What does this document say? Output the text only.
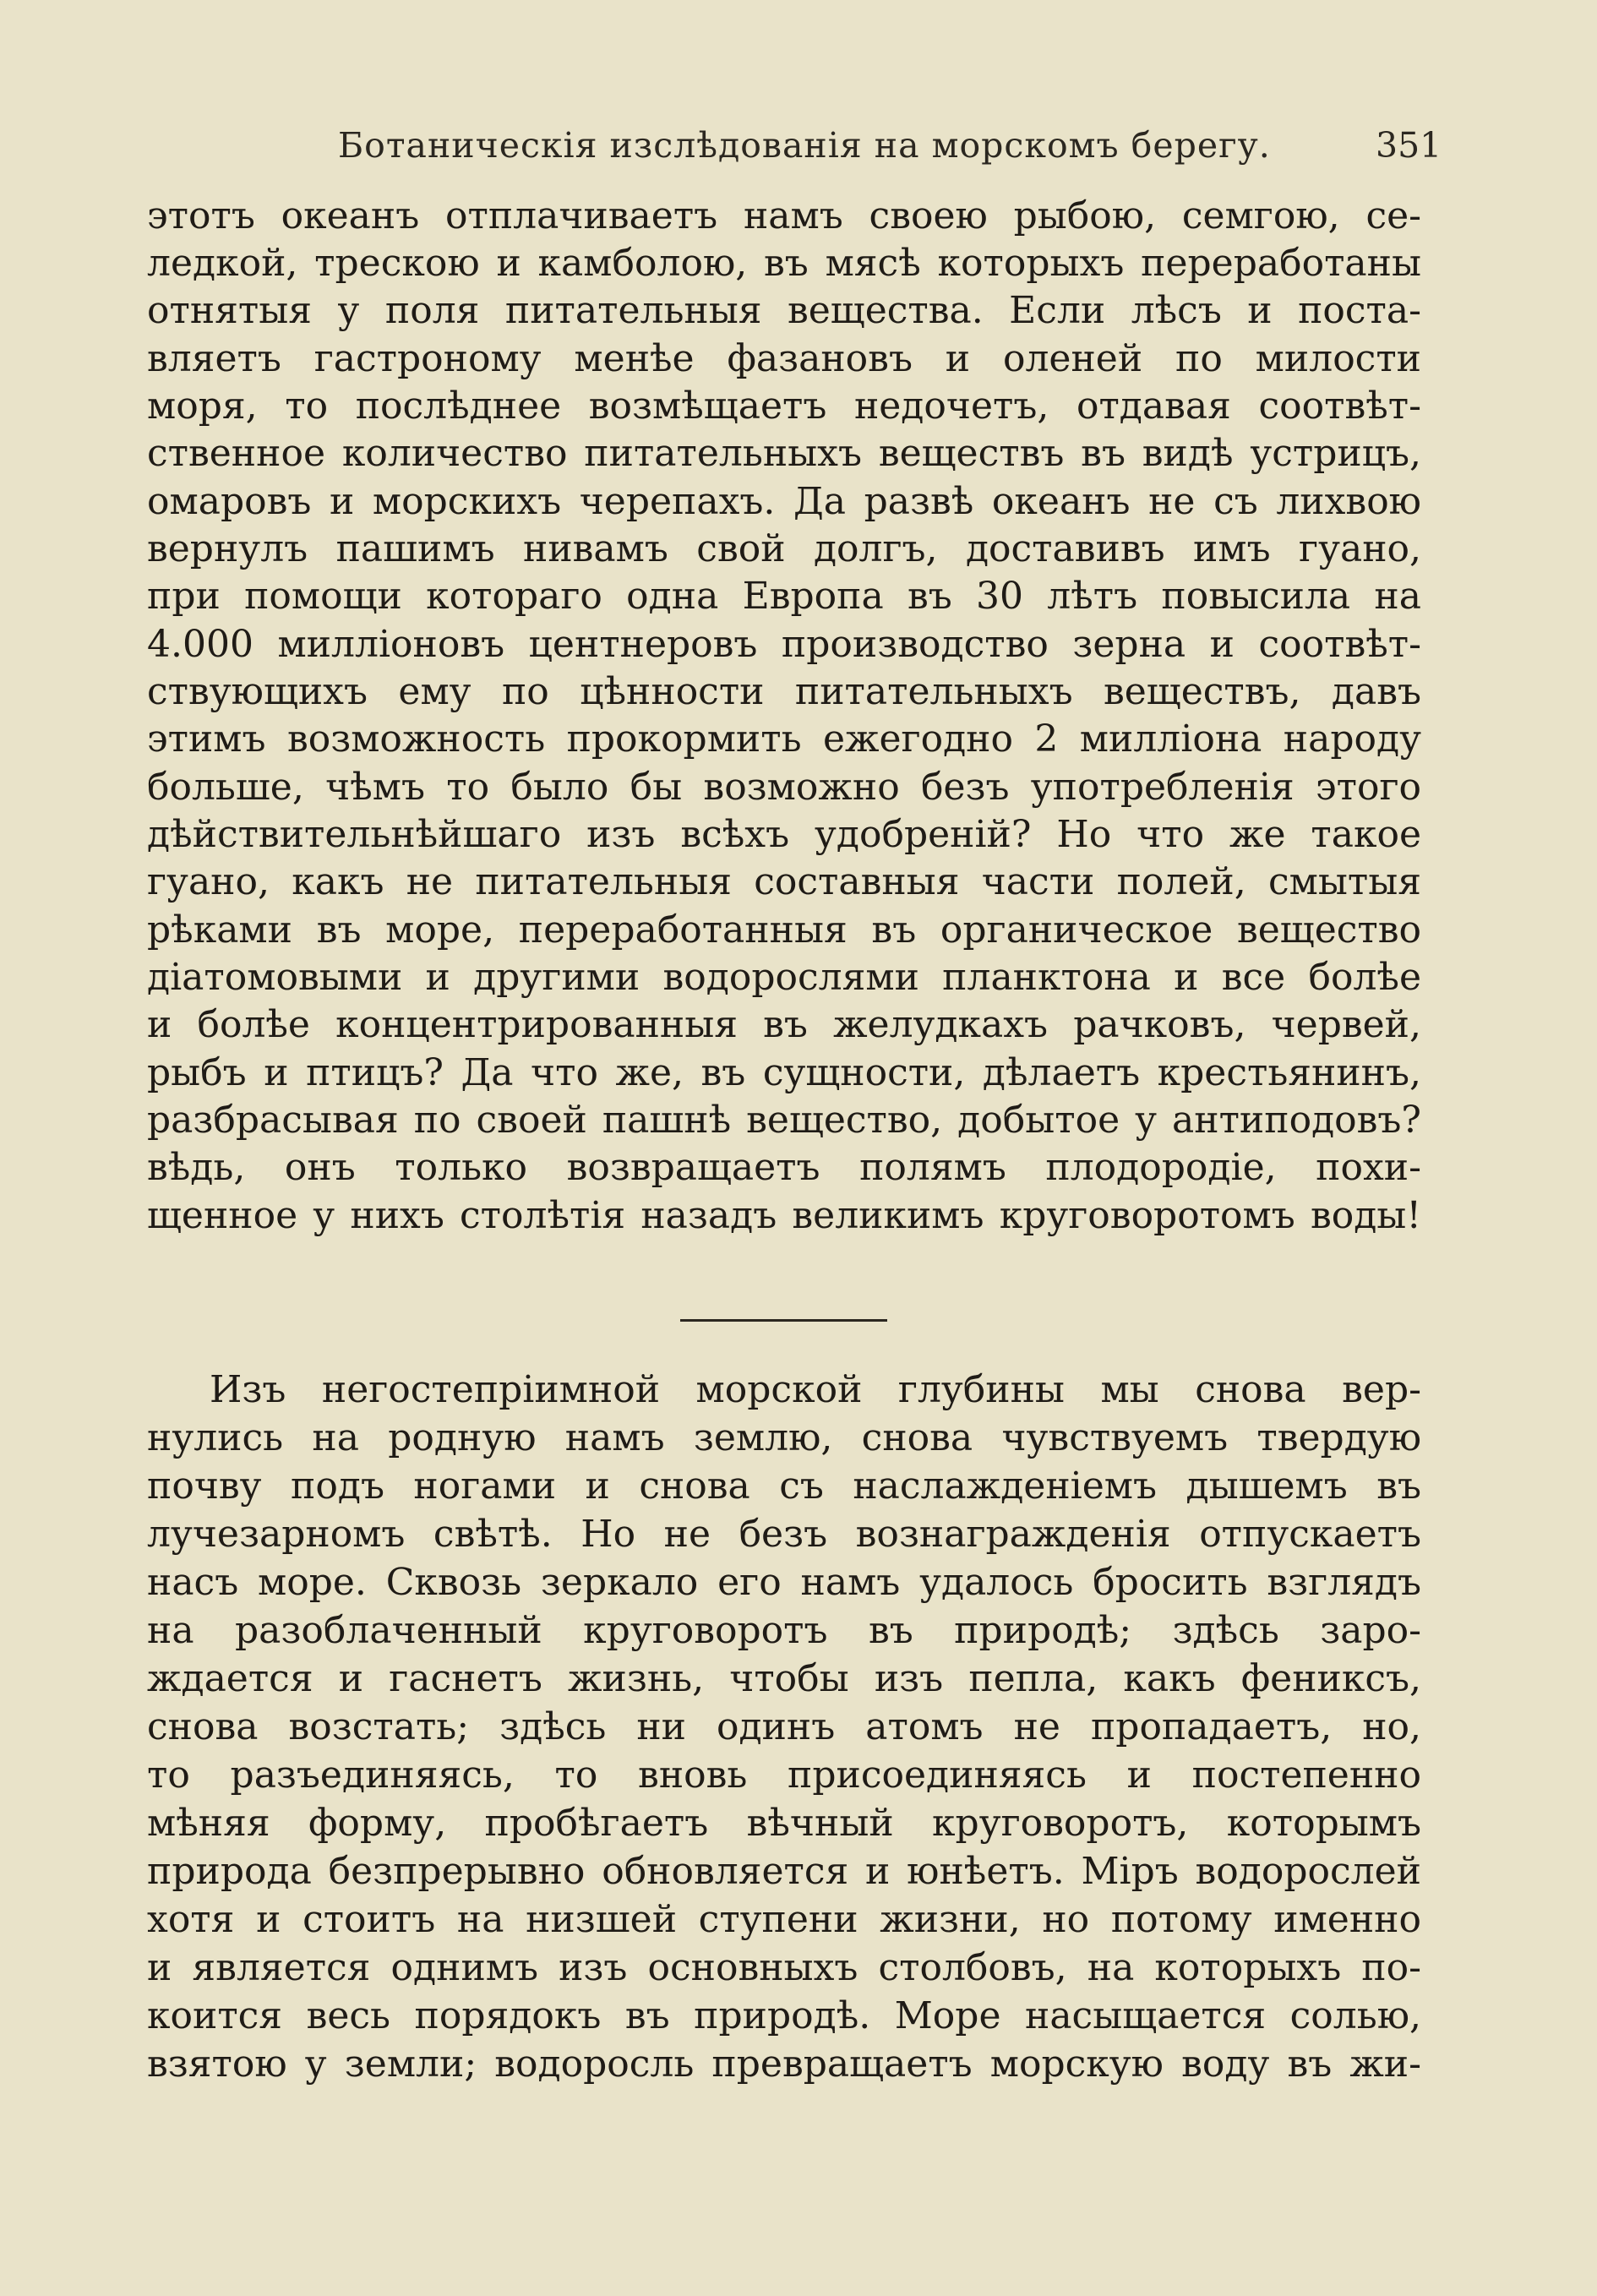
Ботаническія изслѣдованія на морскомъ берегу.	351
этотъ океанъ отплачиваетъ намъ своею рыбою, семгою, се-
ледкой, трескою и камболою, въ мясѣ которыхъ переработаны
отнятыя у поля питательныя вещества. Если лѣсъ и поста-
вляетъ гастроному менѣе фазановъ и оленей по милости
моря, то послѣднее возмѣщаетъ недочетъ, отдавая соотвѣт-
ственное количество питательныхъ веществъ въ видѣ устрицъ,
омаровъ и морскихъ черепахъ. Да развѣ океанъ не съ лихвою
вернулъ пашимъ нивамъ свой долгъ, доставивъ имъ гуано,
при помощи котораго одна Европа въ 30 лѣтъ повысила на
4.000 милліоновъ центнеровъ производство зерна и соотвѣт-
ствующихъ ему по цѣнности питательныхъ веществъ, давъ
этимъ возможность прокормить ежегодно 2 милліона народу
больше, чѣмъ то было бы возможно безъ употребленія этого
дѣйствительнѣйшаго изъ всѣхъ удобреній? Но что же такое
гуано, какъ не питательныя составныя части полей, смытыя
рѣками въ море, переработанныя въ органическое вещество
діатомовыми и другими водорослями планктона и все болѣе
и болѣе концентрированныя въ желудкахъ рачковъ, червей,
рыбъ и птицъ? Да что же, въ сущности, дѣлаетъ крестьянинъ,
разбрасывая по своей пашнѣ вещество, добытое у антиподовъ?
вѣдь, онъ только возвращаетъ полямъ плодородіе, похи-
щенное у нихъ столѣтія назадъ великимъ круговоротомъ воды!
Изъ негостепріимной морской глубины мы снова вер-
нулись на родную намъ землю, снова чувствуемъ твердую
почву подъ ногами и снова съ наслажденіемъ дышемъ въ
лучезарномъ свѣтѣ. Но не безъ вознагражденія отпускаетъ
насъ море. Сквозь зеркало его намъ удалось бросить взглядъ
на разоблаченный круговоротъ въ природѣ; здѣсь заро-
ждается и гаснетъ жизнь, чтобы изъ пепла, какъ фениксъ,
снова возстать; здѣсь ни одинъ атомъ не пропадаетъ, но,
то разъединяясь, то вновь присоединяясь и постепенно
мѣняя форму, пробѣгаетъ вѣчный круговоротъ, которымъ
природа безпрерывно обновляется и юнѣетъ. Міръ водорослей
хотя и стоитъ на низшей ступени жизни, но потому именно
и является однимъ изъ основныхъ столбовъ, на которыхъ по-
коится весь порядокъ въ природѣ. Море насыщается солью,
взятою у земли; водоросль превращаетъ морскую воду въ жи-
